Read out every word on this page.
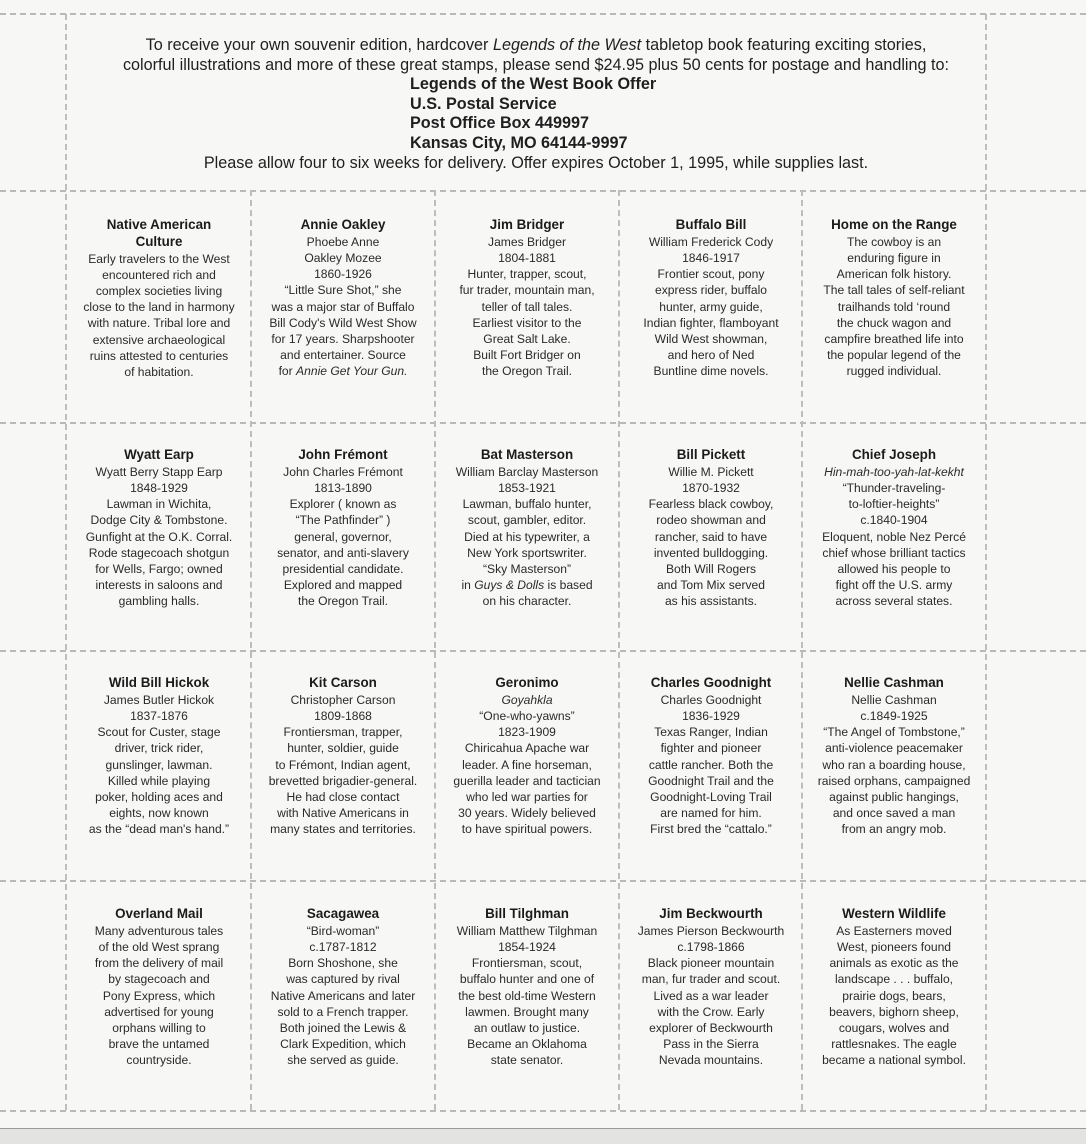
To receive your own souvenir edition, hardcover Legends of the West tabletop book featuring exciting stories,
colorful illustrations and more of these great stamps, please send $24.95 plus 50 cents for postage and handling to:
Legends of the West Book Offer
U.S. Postal Service
Post Office Box 449997
Kansas City, MO 64144-9997
Please allow four to six weeks for delivery. Offer expires October 1, 1995, while supplies last.
Native American Culture
Early travelers to the West
encountered rich and
complex societies living
close to the land in harmony
with nature. Tribal lore and
extensive archaeological
ruins attested to centuries
of habitation.
Annie Oakley
Phoebe Anne
Oakley Mozee
1860-1926
“Little Sure Shot,” she
was a major star of Buffalo
Bill Cody's Wild West Show
for 17 years. Sharpshooter
and entertainer. Source
for Annie Get Your Gun.
Jim Bridger
James Bridger
1804-1881
Hunter, trapper, scout,
fur trader, mountain man,
teller of tall tales.
Earliest visitor to the
Great Salt Lake.
Built Fort Bridger on
the Oregon Trail.
Buffalo Bill
William Frederick Cody
1846-1917
Frontier scout, pony
express rider, buffalo
hunter, army guide,
Indian fighter, flamboyant
Wild West showman,
and hero of Ned
Buntline dime novels.
Home on the Range
The cowboy is an
enduring figure in
American folk history.
The tall tales of self-reliant
trailhands told ‘round
the chuck wagon and
campfire breathed life into
the popular legend of the
rugged individual.
Wyatt Earp
Wyatt Berry Stapp Earp
1848-1929
Lawman in Wichita,
Dodge City & Tombstone.
Gunfight at the O.K. Corral.
Rode stagecoach shotgun
for Wells, Fargo; owned
interests in saloons and
gambling halls.
John Frémont
John Charles Frémont
1813-1890
Explorer ( known as
“The Pathfinder” )
general, governor,
senator, and anti-slavery
presidential candidate.
Explored and mapped
the Oregon Trail.
Bat Masterson
William Barclay Masterson
1853-1921
Lawman, buffalo hunter,
scout, gambler, editor.
Died at his typewriter, a
New York sportswriter.
“Sky Masterson”
in Guys & Dolls is based
on his character.
Bill Pickett
Willie M. Pickett
1870-1932
Fearless black cowboy,
rodeo showman and
rancher, said to have
invented bulldogging.
Both Will Rogers
and Tom Mix served
as his assistants.
Chief Joseph
Hin-mah-too-yah-lat-kekht
“Thunder-traveling-
to-loftier-heights”
c.1840-1904
Eloquent, noble Nez Percé
chief whose brilliant tactics
allowed his people to
fight off the U.S. army
across several states.
Wild Bill Hickok
James Butler Hickok
1837-1876
Scout for Custer, stage
driver, trick rider,
gunslinger, lawman.
Killed while playing
poker, holding aces and
eights, now known
as the “dead man's hand.”
Kit Carson
Christopher Carson
1809-1868
Frontiersman, trapper,
hunter, soldier, guide
to Frémont, Indian agent,
brevetted brigadier-general.
He had close contact
with Native Americans in
many states and territories.
Geronimo
Goyahkla
“One-who-yawns”
1823-1909
Chiricahua Apache war
leader. A fine horseman,
guerilla leader and tactician
who led war parties for
30 years. Widely believed
to have spiritual powers.
Charles Goodnight
Charles Goodnight
1836-1929
Texas Ranger, Indian
fighter and pioneer
cattle rancher. Both the
Goodnight Trail and the
Goodnight-Loving Trail
are named for him.
First bred the “cattalo.”
Nellie Cashman
Nellie Cashman
c.1849-1925
“The Angel of Tombstone,”
anti-violence peacemaker
who ran a boarding house,
raised orphans, campaigned
against public hangings,
and once saved a man
from an angry mob.
Overland Mail
Many adventurous tales
of the old West sprang
from the delivery of mail
by stagecoach and
Pony Express, which
advertised for young
orphans willing to
brave the untamed
countryside.
Sacagawea
“Bird-woman”
c.1787-1812
Born Shoshone, she
was captured by rival
Native Americans and later
sold to a French trapper.
Both joined the Lewis &
Clark Expedition, which
she served as guide.
Bill Tilghman
William Matthew Tilghman
1854-1924
Frontiersman, scout,
buffalo hunter and one of
the best old-time Western
lawmen. Brought many
an outlaw to justice.
Became an Oklahoma
state senator.
Jim Beckwourth
James Pierson Beckwourth
c.1798-1866
Black pioneer mountain
man, fur trader and scout.
Lived as a war leader
with the Crow. Early
explorer of Beckwourth
Pass in the Sierra
Nevada mountains.
Western Wildlife
As Easterners moved
West, pioneers found
animals as exotic as the
landscape . . . buffalo,
prairie dogs, bears,
beavers, bighorn sheep,
cougars, wolves and
rattlesnakes. The eagle
became a national symbol.
